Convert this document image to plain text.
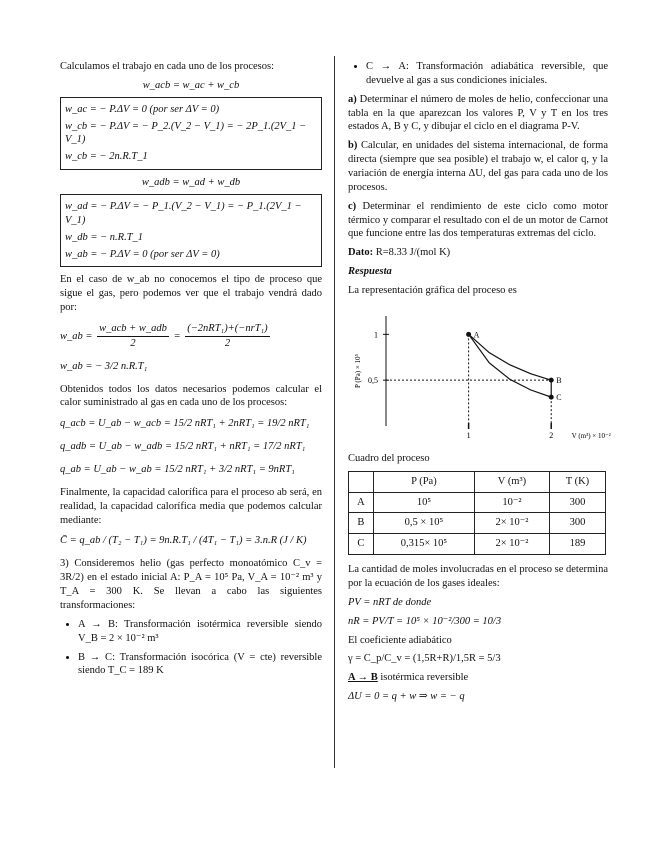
Calculamos el trabajo en cada uno de los procesos:

w_acb = w_ac + w_cb
w_ac = − P.ΔV = 0 (por ser ΔV = 0)
w_cb = − P.ΔV = − P_2.(V_2 − V_1) = − 2P_1.(2V_1 − V_1)
w_cb = − 2n.R.T_1
w_adb = w_ad + w_db
w_ad = − P.ΔV = − P_1.(V_2 − V_1) = − P_1.(2V_1 − V_1)
w_db = − n.R.T_1
w_ab = − P.ΔV = 0 (por ser ΔV = 0)

En el caso de w_ab no conocemos el tipo de proceso que sigue el gas, pero podemos ver que el trabajo vendrá dado por:

w_ab = $\frac{\text{w\_acb + w\_adb}}{2} = \frac{\text{(−2nRT₁)+(−nrT₁)}}{2}$
w_ab = − 3/2 n.R.T₁

Obtenidos todos los datos necesarios podemos calcular el calor suministrado al gas en cada uno de los procesos:

q_acb = U_ab − w_acb = 15/2 nRT₁ + 2nRT₁ = 19/2 nRT₁
q_adb = U_ab − w_adb = 15/2 nRT₁ + nRT₁ = 17/2 nRT₁
q_ab = U_ab − w_ab = 15/2 nRT₁ + 3/2 nRT₁ = 9nRT₁

Finalmente, la capacidad calorífica para el proceso ab será, en realidad, la capacidad calorífica media que podemos calcular mediante:

C̄ = q_ab / (T₂ − T₁) = 9n.R.T₁ / (4T₁ − T₁) = 3.n.R (J / K)

3) Consideremos helio (gas perfecto monoatómico C_v = 3R/2) en el estado inicial A: P_A = 10⁵ Pa, V_A = 10⁻² m³ y T_A = 300 K. Se llevan a cabo las siguientes transformaciones:

• A → B: Transformación isotérmica reversible siendo V_B = 2 × 10⁻² m³
• B → C: Transformación isocórica (V = cte) reversible siendo T_C = 189 K
• C → A: Transformación adiabática reversible, que devuelve al gas a sus condiciones iniciales.

a) Determinar el número de moles de helio, confeccionar una tabla en la que aparezcan los valores P, V y T en los tres estados A, B y C, y dibujar el ciclo en el diagrama P-V.

b) Calcular, en unidades del sistema internacional, de forma directa (siempre que sea posible) el trabajo w, el calor q, y la variación de energía interna ΔU, del gas para cada uno de los procesos.

c) Determinar el rendimiento de este ciclo como motor térmico y comparar el resultado con el de un motor de Carnot que funcione entre las dos temperaturas extremas del ciclo.

Dato: R=8.33 J/(mol K)

Respuesta

La representación gráfica del proceso es

1
0,5
1	2
A
B
C
P (Pa) × 10⁵
V (m³) × 10⁻²

Cuadro del proceso

	P (Pa)	V (m³)	T (K)
A	10⁵	10⁻²	300
B	0,5 × 10⁵	2× 10⁻²	300
C	0,315× 10⁵	2× 10⁻²	189

La cantidad de moles involucradas en el proceso se determina por la ecuación de los gases ideales:

PV = nRT de donde

nR = PV/T = 10⁵ × 10⁻²/300 = 10/3

El coeficiente adiabático

γ = C_p/C_v = (1,5R+R)/1,5R = 5/3

A → B isotérmica reversible

ΔU = 0 = q + w ⇒ w = − q
